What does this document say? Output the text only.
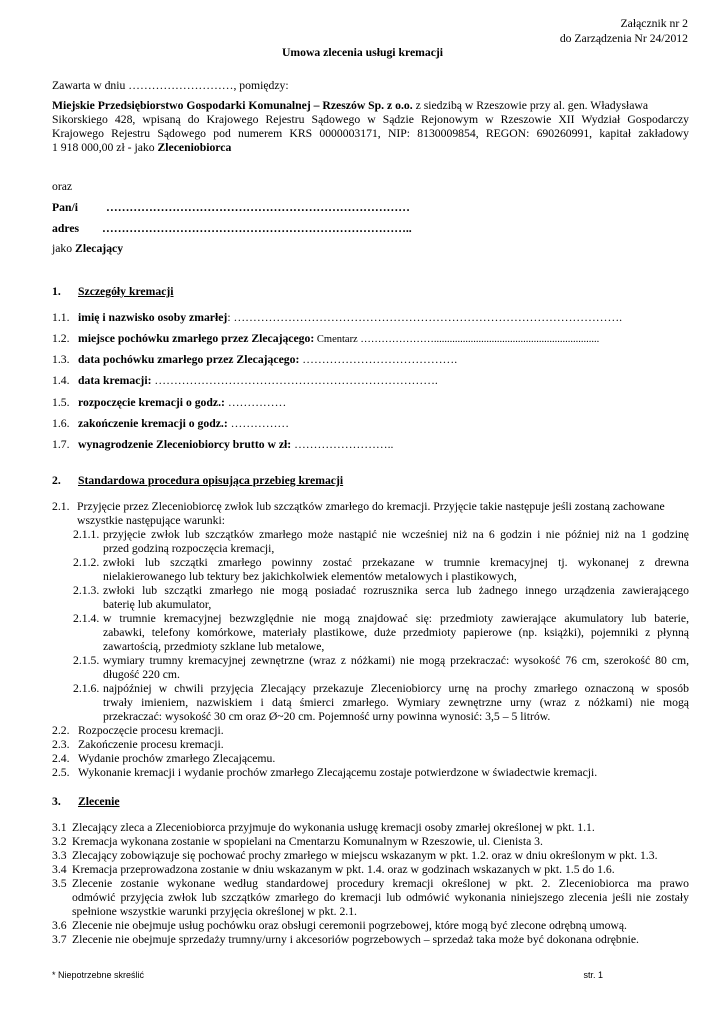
Załącznik nr 2
do Zarządzenia Nr 24/2012
Umowa zlecenia usługi kremacji
Zawarta w dniu ………………………, pomiędzy:
Miejskie Przedsiębiorstwo Gospodarki Komunalnej – Rzeszów Sp. z o.o. z siedzibą w Rzeszowie przy al. gen. Władysława
Sikorskiego 428, wpisaną do Krajowego Rejestru Sądowego w Sądzie Rejonowym w Rzeszowie XII Wydział Gospodarczy
Krajowego Rejestru Sądowego pod numerem KRS 0000003171, NIP: 8130009854, REGON: 690260991, kapitał zakładowy
1 918 000,00 zł - jako Zleceniobiorca
oraz
Pan/i ……………………………………………………………………
adres ……………………………………………………………………..
jako Zlecający
1. Szczegóły kremacji
1.1. imię i nazwisko osoby zmarłej: ……………………………………………………………………………………….
1.2. miejsce pochówku zmarłego przez Zlecającego: Cmentarz …………………...............................................................
1.3. data pochówku zmarłego przez Zlecającego: ………………………………….
1.4. data kremacji: ……………………………………………………………….
1.5. rozpoczęcie kremacji o godz.: ……………
1.6. zakończenie kremacji o godz.: ……………
1.7. wynagrodzenie Zleceniobiorcy brutto w zł: ……………………..
2. Standardowa procedura opisująca przebieg kremacji
2.1. Przyjęcie przez Zleceniobiorcę zwłok lub szczątków zmarłego do kremacji. Przyjęcie takie następuje jeśli zostaną zachowane
wszystkie następujące warunki:
2.1.1. przyjęcie zwłok lub szczątków zmarłego może nastąpić nie wcześniej niż na 6 godzin i nie później niż na 1 godzinę
przed godziną rozpoczęcia kremacji,
2.1.2. zwłoki lub szczątki zmarłego powinny zostać przekazane w trumnie kremacyjnej tj. wykonanej z drewna
nielakierowanego lub tektury bez jakichkolwiek elementów metalowych i plastikowych,
2.1.3. zwłoki lub szczątki zmarłego nie mogą posiadać rozrusznika serca lub żadnego innego urządzenia zawierającego
baterię lub akumulator,
2.1.4. w trumnie kremacyjnej bezwzględnie nie mogą znajdować się: przedmioty zawierające akumulatory lub baterie,
zabawki, telefony komórkowe, materiały plastikowe, duże przedmioty papierowe (np. książki), pojemniki z płynną
zawartością, przedmioty szklane lub metalowe,
2.1.5. wymiary trumny kremacyjnej zewnętrzne (wraz z nóżkami) nie mogą przekraczać: wysokość 76 cm, szerokość 80 cm,
długość 220 cm.
2.1.6. najpóźniej w chwili przyjęcia Zlecający przekazuje Zleceniobiorcy urnę na prochy zmarłego oznaczoną w sposób
trwały imieniem, nazwiskiem i datą śmierci zmarłego. Wymiary zewnętrzne urny (wraz z nóżkami) nie mogą
przekraczać: wysokość 30 cm oraz Ø~20 cm. Pojemność urny powinna wynosić: 3,5 – 5 litrów.
2.2. Rozpoczęcie procesu kremacji.
2.3. Zakończenie procesu kremacji.
2.4. Wydanie prochów zmarłego Zlecającemu.
2.5. Wykonanie kremacji i wydanie prochów zmarłego Zlecającemu zostaje potwierdzone w świadectwie kremacji.
3. Zlecenie
3.1 Zlecający zleca a Zleceniobiorca przyjmuje do wykonania usługę kremacji osoby zmarłej określonej w pkt. 1.1.
3.2 Kremacja wykonana zostanie w spopielani na Cmentarzu Komunalnym w Rzeszowie, ul. Cienista 3.
3.3 Zlecający zobowiązuje się pochować prochy zmarłego w miejscu wskazanym w pkt. 1.2. oraz w dniu określonym w pkt. 1.3.
3.4 Kremacja przeprowadzona zostanie w dniu wskazanym w pkt. 1.4. oraz w godzinach wskazanych w pkt. 1.5 do 1.6.
3.5 Zlecenie zostanie wykonane według standardowej procedury kremacji określonej w pkt. 2. Zleceniobiorca ma prawo
odmówić przyjęcia zwłok lub szczątków zmarłego do kremacji lub odmówić wykonania niniejszego zlecenia jeśli nie zostały
spełnione wszystkie warunki przyjęcia określonej w pkt. 2.1.
3.6 Zlecenie nie obejmuje usług pochówku oraz obsługi ceremonii pogrzebowej, które mogą być zlecone odrębną umową.
3.7 Zlecenie nie obejmuje sprzedaży trumny/urny i akcesoriów pogrzebowych – sprzedaż taka może być dokonana odrębnie.
* Niepotrzebne skreślić	str. 1
